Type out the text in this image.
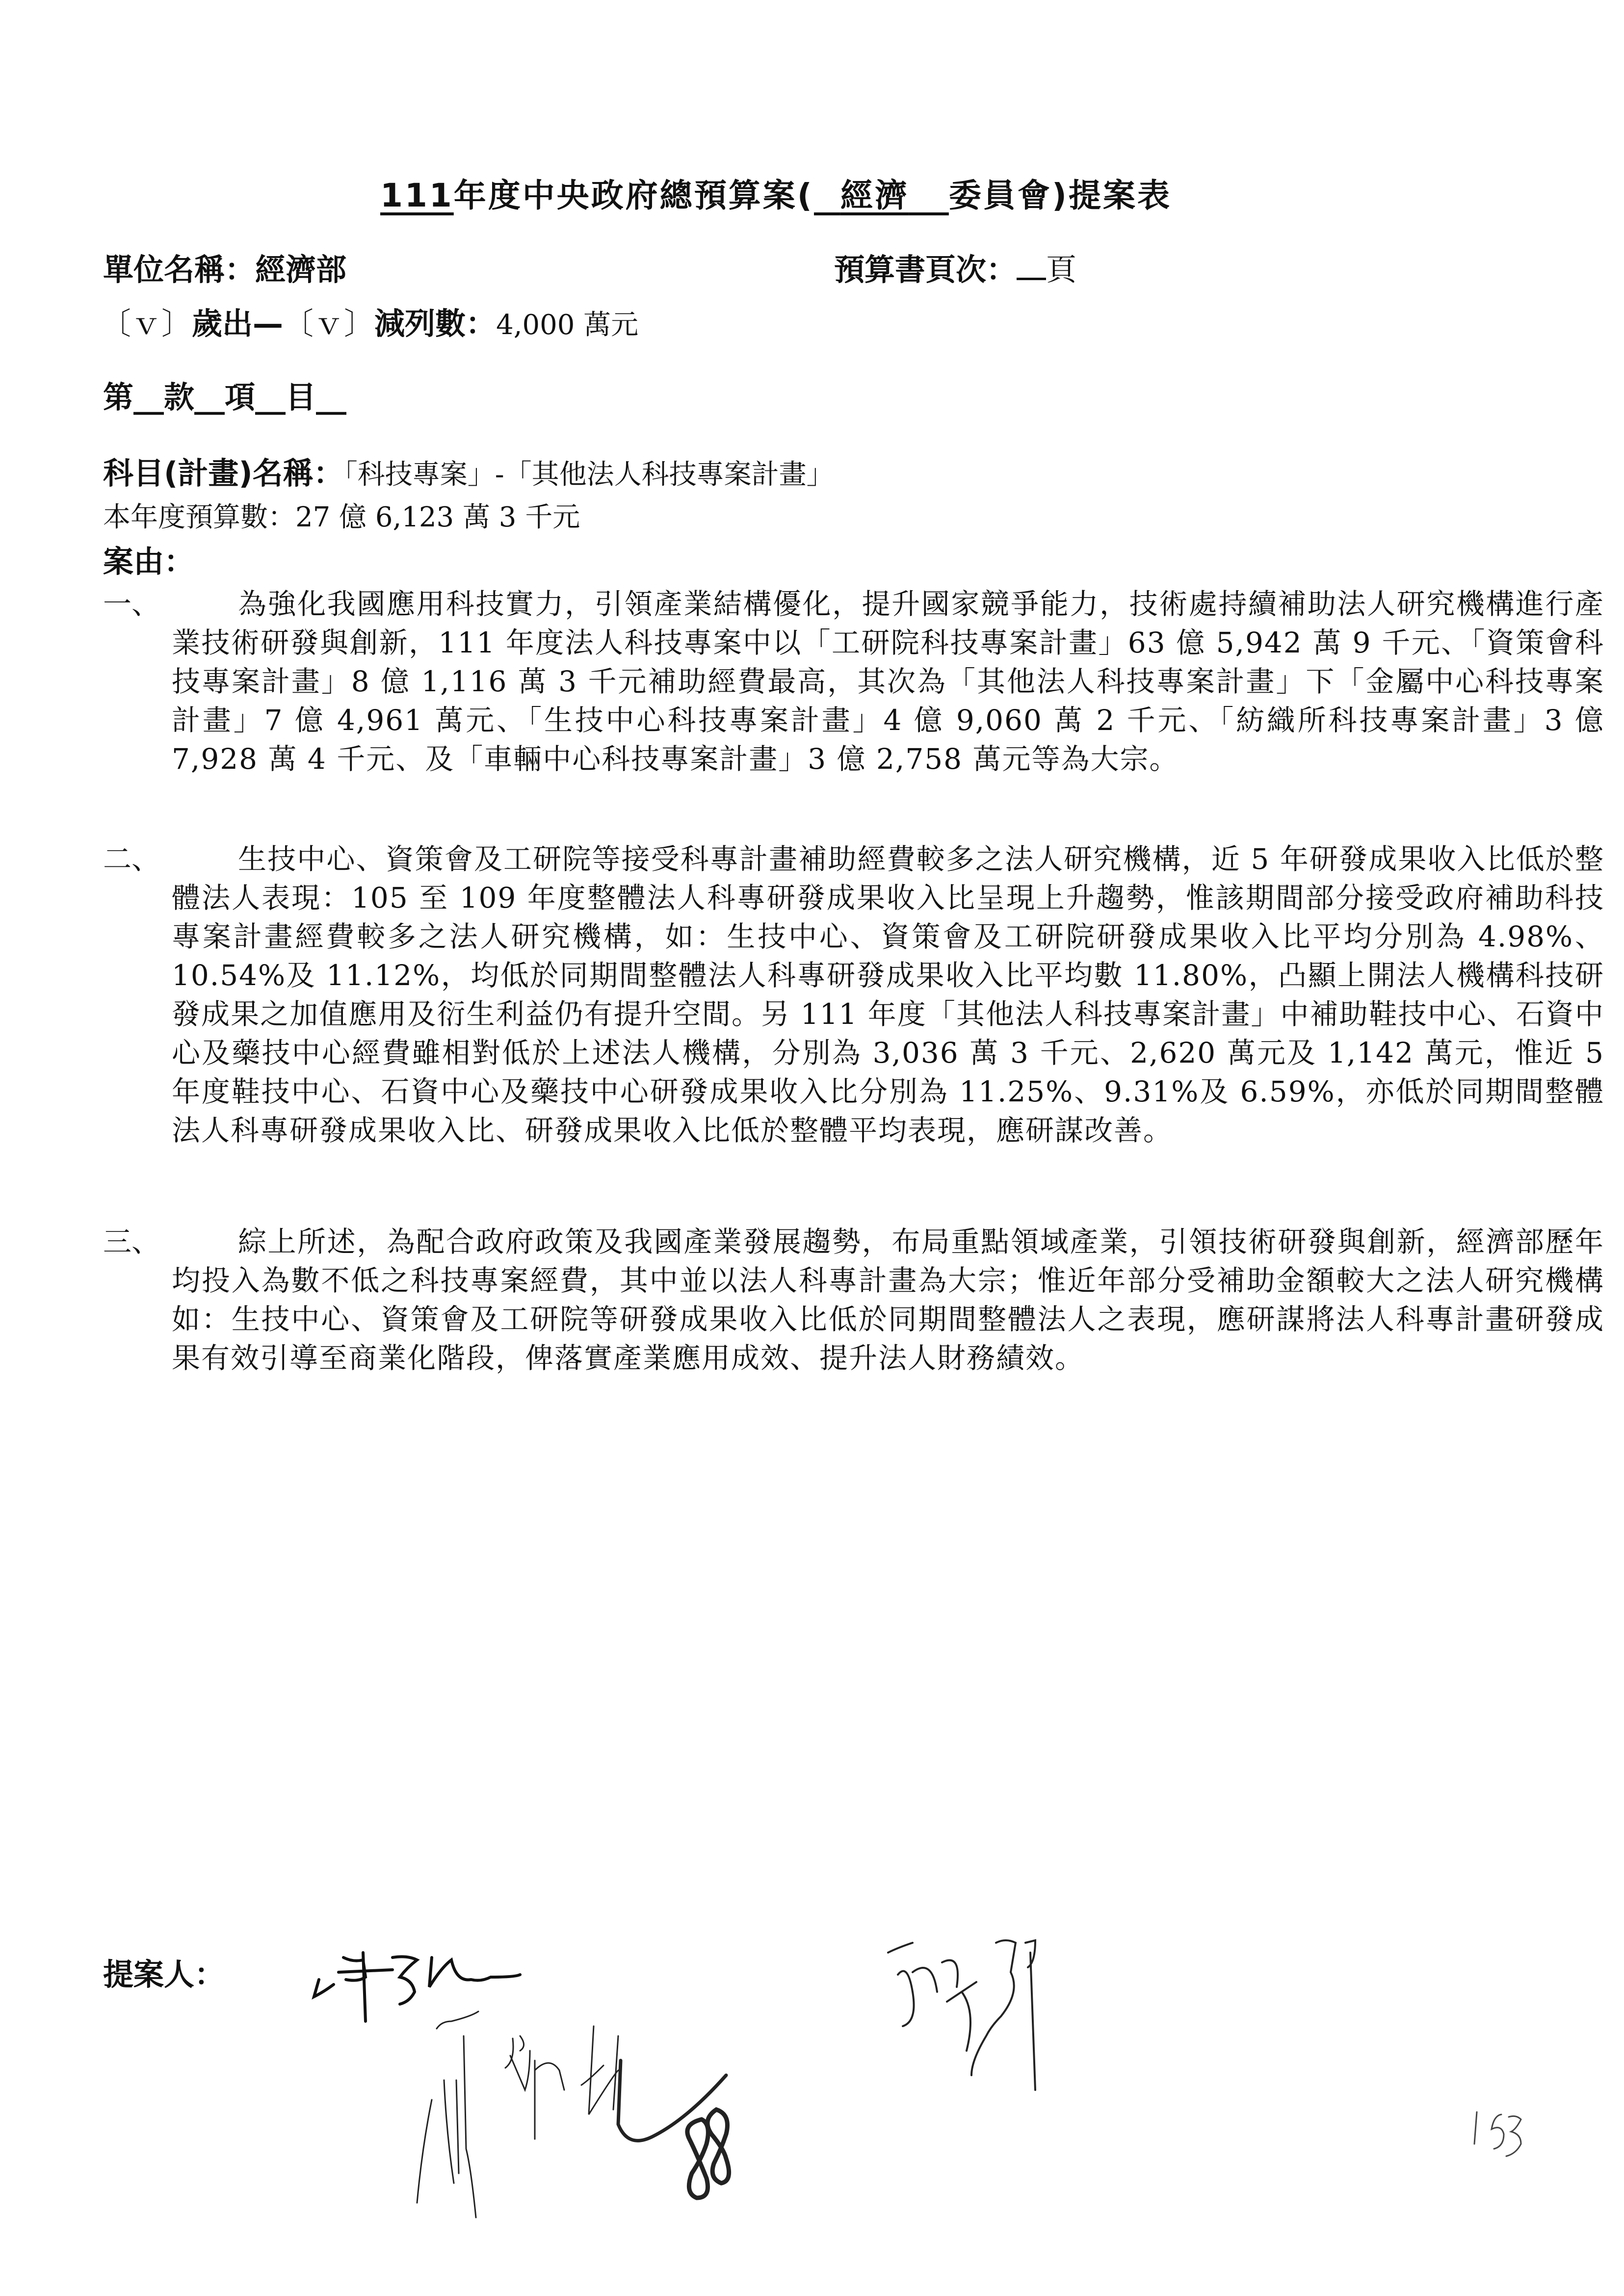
111年度中央政府總預算案( 經濟 委員會)提案表
單位名稱：經濟部	預算書頁次： 頁
〔ｖ〕歲出—〔ｖ〕減列數：4,000 萬元
第__款__項__目__
科目(計畫)名稱：「科技專案」-「其他法人科技專案計畫」
本年度預算數：27 億 6,123 萬 3 千元
案由：
一、	為強化我國應用科技實力，引領產業結構優化，提升國家競爭能力，技術處持續補助法人研究機構進行產業技術研發與創新，111 年度法人科技專案中以「工研院科技專案計畫」63 億 5,942 萬 9 千元、「資策會科技專案計畫」8 億 1,116 萬 3 千元補助經費最高，其次為「其他法人科技專案計畫」下「金屬中心科技專案計畫」7 億 4,961 萬元、「生技中心科技專案計畫」4 億 9,060 萬 2 千元、「紡織所科技專案計畫」3 億 7,928 萬 4 千元、及「車輛中心科技專案計畫」3 億 2,758 萬元等為大宗。
二、	生技中心、資策會及工研院等接受科專計畫補助經費較多之法人研究機構，近 5 年研發成果收入比低於整體法人表現：105 至 109 年度整體法人科專研發成果收入比呈現上升趨勢，惟該期間部分接受政府補助科技專案計畫經費較多之法人研究機構，如：生技中心、資策會及工研院研發成果收入比平均分別為 4.98%、10.54%及 11.12%，均低於同期間整體法人科專研發成果收入比平均數 11.80%，凸顯上開法人機構科技研發成果之加值應用及衍生利益仍有提升空間。另 111 年度「其他法人科技專案計畫」中補助鞋技中心、石資中心及藥技中心經費雖相對低於上述法人機構，分別為 3,036 萬 3 千元、2,620 萬元及 1,142 萬元，惟近 5 年度鞋技中心、石資中心及藥技中心研發成果收入比分別為 11.25%、9.31%及 6.59%，亦低於同期間整體法人科專研發成果收入比、研發成果收入比低於整體平均表現，應研謀改善。
三、	綜上所述，為配合政府政策及我國產業發展趨勢，布局重點領域產業，引領技術研發與創新，經濟部歷年均投入為數不低之科技專案經費，其中並以法人科專計畫為大宗；惟近年部分受補助金額較大之法人研究機構如：生技中心、資策會及工研院等研發成果收入比低於同期間整體法人之表現，應研謀將法人科專計畫研發成果有效引導至商業化階段，俾落實產業應用成效、提升法人財務績效。
提案人：
